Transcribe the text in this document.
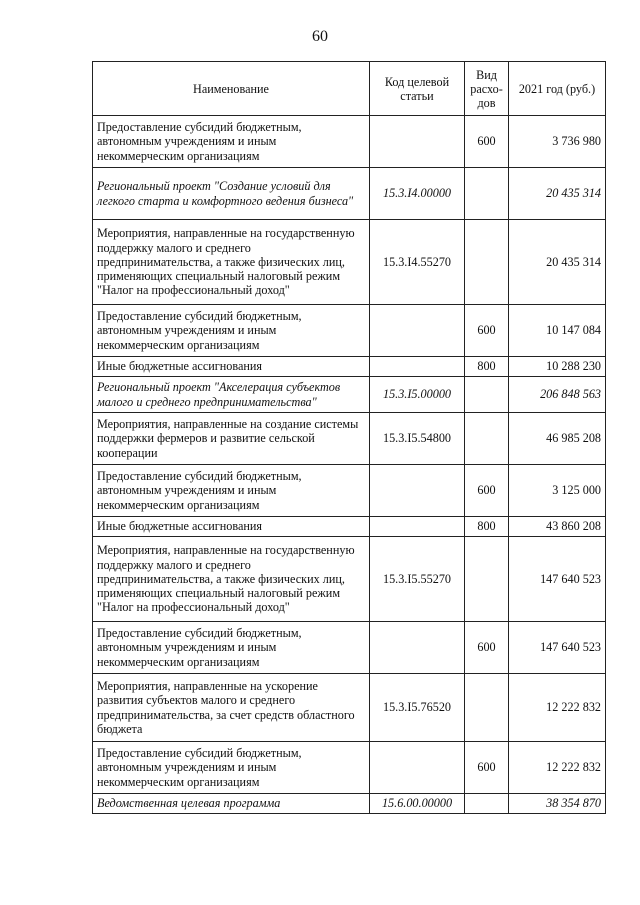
60
Наименование	Код целевой статьи	Вид расхо-дов	2021 год (руб.)
Предоставление субсидий бюджетным, автономным учреждениям и иным некоммерческим организациям		600	3 736 980
Региональный проект "Создание условий для легкого старта и комфортного ведения бизнеса"	15.3.I4.00000		20 435 314
Мероприятия, направленные на государственную поддержку малого и среднего предпринимательства, а также физических лиц, применяющих специальный налоговый режим "Налог на профессиональный доход"	15.3.I4.55270		20 435 314
Предоставление субсидий бюджетным, автономным учреждениям и иным некоммерческим организациям		600	10 147 084
Иные бюджетные ассигнования		800	10 288 230
Региональный проект "Акселерация субъектов малого и среднего предпринимательства"	15.3.I5.00000		206 848 563
Мероприятия, направленные на создание системы поддержки фермеров и развитие сельской кооперации	15.3.I5.54800		46 985 208
Предоставление субсидий бюджетным, автономным учреждениям и иным некоммерческим организациям		600	3 125 000
Иные бюджетные ассигнования		800	43 860 208
Мероприятия, направленные на государственную поддержку малого и среднего предпринимательства, а также физических лиц, применяющих специальный налоговый режим "Налог на профессиональный доход"	15.3.I5.55270		147 640 523
Предоставление субсидий бюджетным, автономным учреждениям и иным некоммерческим организациям		600	147 640 523
Мероприятия, направленные на ускорение развития субъектов малого и среднего предпринимательства, за счет средств областного бюджета	15.3.I5.76520		12 222 832
Предоставление субсидий бюджетным, автономным учреждениям и иным некоммерческим организациям		600	12 222 832
Ведомственная целевая программа	15.6.00.00000		38 354 870
